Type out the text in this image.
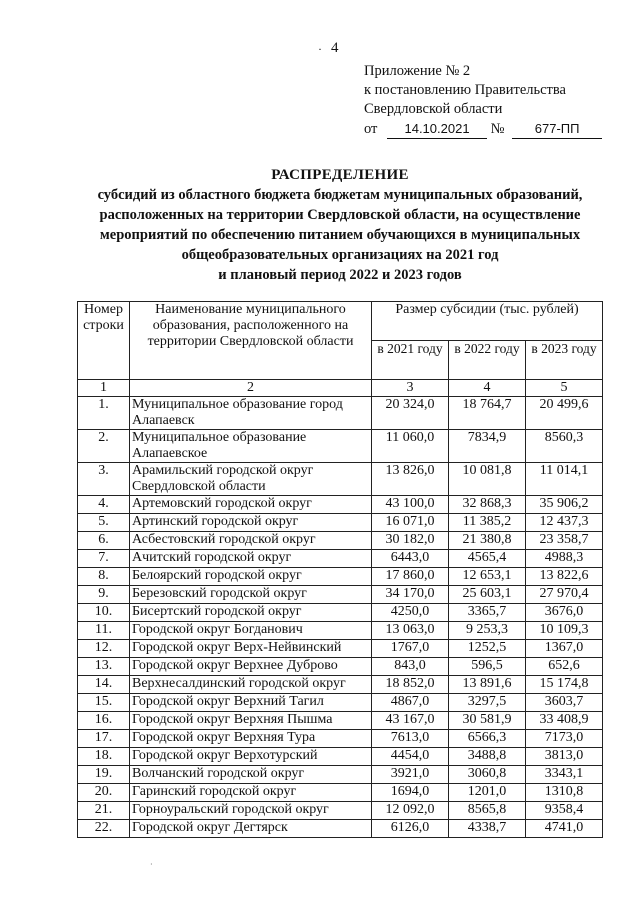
· 4
Приложение № 2
к постановлению Правительства
Свердловской области
от 14.10.2021 № 677-ПП
РАСПРЕДЕЛЕНИЕ
субсидий из областного бюджета бюджетам муниципальных образований,
расположенных на территории Свердловской области, на осуществление
мероприятий по обеспечению питанием обучающихся в муниципальных
общеобразовательных организациях на 2021 год
и плановый период 2022 и 2023 годов
Номер строки	Наименование муниципального образования, расположенного на территории Свердловской области	Размер субсидии (тыс. рублей)		
		в 2021 году	в 2022 году	в 2023 году
1	2	3	4	5
1.	Муниципальное образование город Алапаевск	20 324,0	18 764,7	20 499,6
2.	Муниципальное образование Алапаевское	11 060,0	7834,9	8560,3
3.	Арамильский городской округ Свердловской области	13 826,0	10 081,8	11 014,1
4.	Артемовский городской округ	43 100,0	32 868,3	35 906,2
5.	Артинский городской округ	16 071,0	11 385,2	12 437,3
6.	Асбестовский городской округ	30 182,0	21 380,8	23 358,7
7.	Ачитский городской округ	6443,0	4565,4	4988,3
8.	Белоярский городской округ	17 860,0	12 653,1	13 822,6
9.	Березовский городской округ	34 170,0	25 603,1	27 970,4
10.	Бисертский городской округ	4250,0	3365,7	3676,0
11.	Городской округ Богданович	13 063,0	9 253,3	10 109,3
12.	Городской округ Верх-Нейвинский	1767,0	1252,5	1367,0
13.	Городской округ Верхнее Дуброво	843,0	596,5	652,6
14.	Верхнесалдинский городской округ	18 852,0	13 891,6	15 174,8
15.	Городской округ Верхний Тагил	4867,0	3297,5	3603,7
16.	Городской округ Верхняя Пышма	43 167,0	30 581,9	33 408,9
17.	Городской округ Верхняя Тура	7613,0	6566,3	7173,0
18.	Городской округ Верхотурский	4454,0	3488,8	3813,0
19.	Волчанский городской округ	3921,0	3060,8	3343,1
20.	Гаринский городской округ	1694,0	1201,0	1310,8
21.	Горноуральский городской округ	12 092,0	8565,8	9358,4
22.	Городской округ Дегтярск	6126,0	4338,7	4741,0
·
